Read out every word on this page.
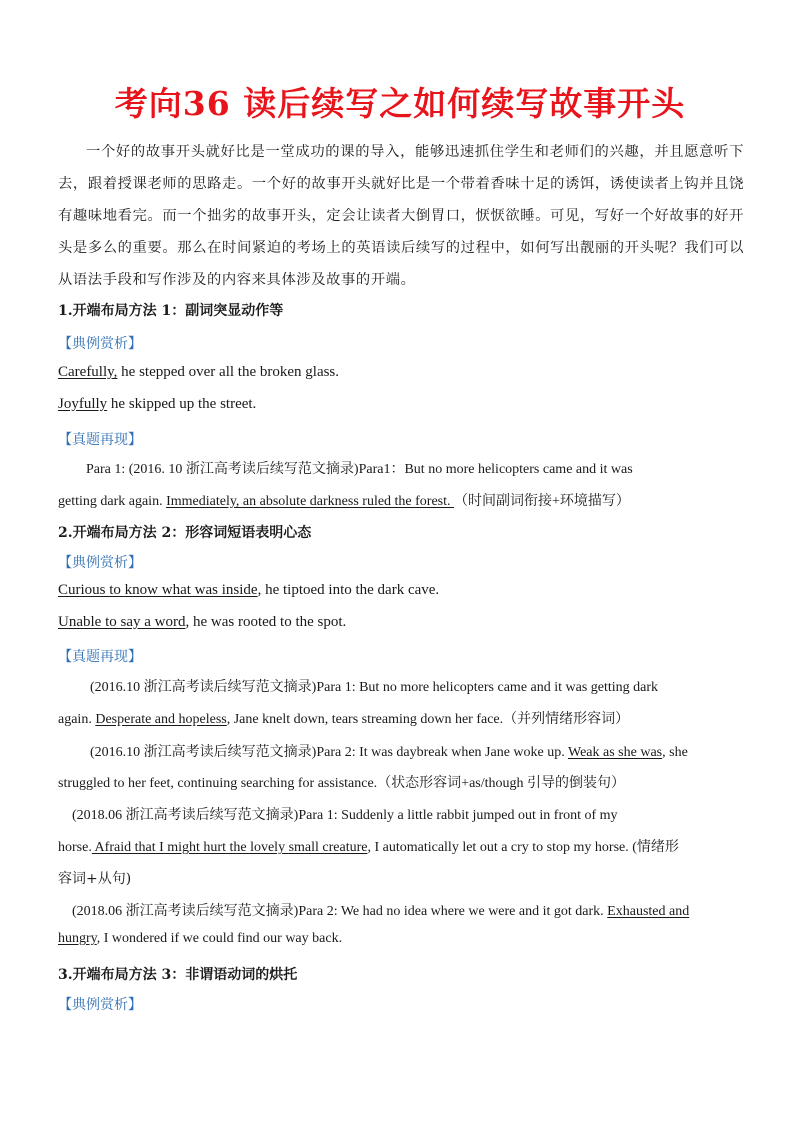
考向36 读后续写之如何续写故事开头
一个好的故事开头就好比是一堂成功的课的导入，能够迅速抓住学生和老师们的兴趣，并且愿意听下去，跟着授课老师的思路走。一个好的故事开头就好比是一个带着香味十足的诱饵，诱使读者上钩并且饶有趣味地看完。而一个拙劣的故事开头，定会让读者大倒胃口，恹恹欲睡。可见，写好一个好故事的好开头是多么的重要。那么在时间紧迫的考场上的英语读后续写的过程中，如何写出靓丽的开头呢？我们可以从语法手段和写作涉及的内容来具体涉及故事的开端。
1.开端布局方法 1：副词突显动作等
【典例赏析】
Carefully, he stepped over all the broken glass.
Joyfully he skipped up the street.
【真题再现】
Para 1: (2016. 10 浙江高考读后续写范文摘录)Para1：But no more helicopters came and it was
getting dark again. Immediately, an absolute darkness ruled the forest. （时间副词衔接+环境描写）
2.开端布局方法 2：形容词短语表明心态
【典例赏析】
Curious to know what was inside, he tiptoed into the dark cave.
Unable to say a word, he was rooted to the spot.
【真题再现】
(2016.10 浙江高考读后续写范文摘录)Para 1: But no more helicopters came and it was getting dark
again. Desperate and hopeless, Jane knelt down, tears streaming down her face.（并列情绪形容词）
(2016.10 浙江高考读后续写范文摘录)Para 2: It was daybreak when Jane woke up. Weak as she was, she
struggled to her feet, continuing searching for assistance.（状态形容词+as/though 引导的倒装句）
(2018.06 浙江高考读后续写范文摘录)Para 1: Suddenly a little rabbit jumped out in front of my
horse. Afraid that I might hurt the lovely small creature, I automatically let out a cry to stop my horse. (情绪形
容词+从句)
(2018.06 浙江高考读后续写范文摘录)Para 2: We had no idea where we were and it got dark. Exhausted and
hungry, I wondered if we could find our way back.
3.开端布局方法 3：非谓语动词的烘托
【典例赏析】
